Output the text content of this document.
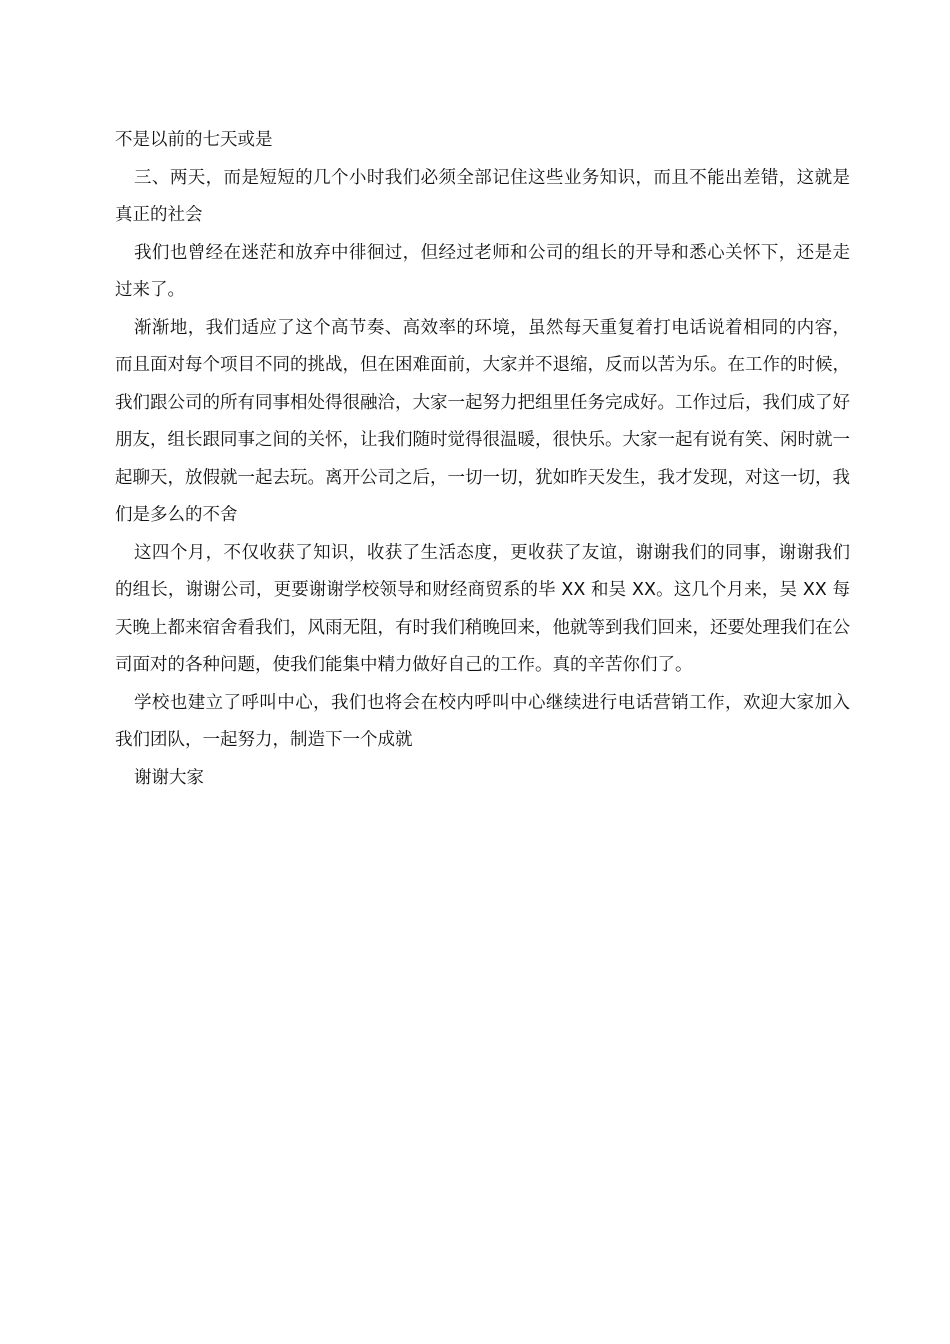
不是以前的七天或是

三、两天，而是短短的几个小时我们必须全部记住这些业务知识，而且不能出差错，这就是真正的社会

我们也曾经在迷茫和放弃中徘徊过，但经过老师和公司的组长的开导和悉心关怀下，还是走过来了。

渐渐地，我们适应了这个高节奏、高效率的环境，虽然每天重复着打电话说着相同的内容，而且面对每个项目不同的挑战，但在困难面前，大家并不退缩，反而以苦为乐。在工作的时候，我们跟公司的所有同事相处得很融洽，大家一起努力把组里任务完成好。工作过后，我们成了好朋友，组长跟同事之间的关怀，让我们随时觉得很温暖，很快乐。大家一起有说有笑、闲时就一起聊天，放假就一起去玩。离开公司之后，一切一切，犹如昨天发生，我才发现，对这一切，我们是多么的不舍

这四个月，不仅收获了知识，收获了生活态度，更收获了友谊，谢谢我们的同事，谢谢我们的组长，谢谢公司，更要谢谢学校领导和财经商贸系的毕 XX 和吴 XX。这几个月来，吴 XX 每天晚上都来宿舍看我们，风雨无阻，有时我们稍晚回来，他就等到我们回来，还要处理我们在公司面对的各种问题，使我们能集中精力做好自己的工作。真的辛苦你们了。

学校也建立了呼叫中心，我们也将会在校内呼叫中心继续进行电话营销工作，欢迎大家加入我们团队，一起努力，制造下一个成就

谢谢大家
